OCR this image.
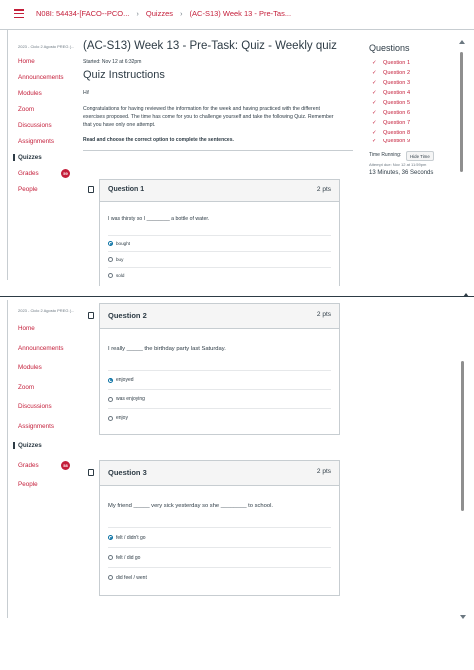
N08I: 54434-[FACO--PCO... › Quizzes › (AC-S13) Week 13 - Pre-Tas...
2023 - Ciclo 2 Agosto PREG (...
Home
Announcements
Modules
Zoom
Discussions
Assignments
Quizzes
Grades
People
59
(AC-S13) Week 13 - Pre-Task: Quiz - Weekly quiz
Started: Nov 12 at 6:32pm
Quiz Instructions
Hi!
Congratulations for having reviewed the information for the week and having practiced with the different
exercises proposed. The time has come for you to challenge yourself and take the following Quiz. Remember
that you have only one attempt.
Read and choose the correct option to complete the sentences.
Question 1	2 pts
I was thirsty so I ________ a bottle of water.
bought
buy
sold
Questions
✓ Question 1
✓ Question 2
✓ Question 3
✓ Question 4
✓ Question 5
✓ Question 6
✓ Question 7
✓ Question 8
✓ Question 9
Time Running:	Hide Time
Attempt due: Nov 12 at 11:59pm
13 Minutes, 36 Seconds
2023 - Ciclo 2 Agosto PREG (...
Home
Announcements
Modules
Zoom
Discussions
Assignments
Quizzes
Grades
People
58
Question 2	2 pts
I really _____ the birthday party last Saturday.
enjoyed
was enjoying
enjoy
Question 3	2 pts
My friend _____ very sick yesterday so she ________ to school.
felt / didn't go
felt / did go
did feel / went
